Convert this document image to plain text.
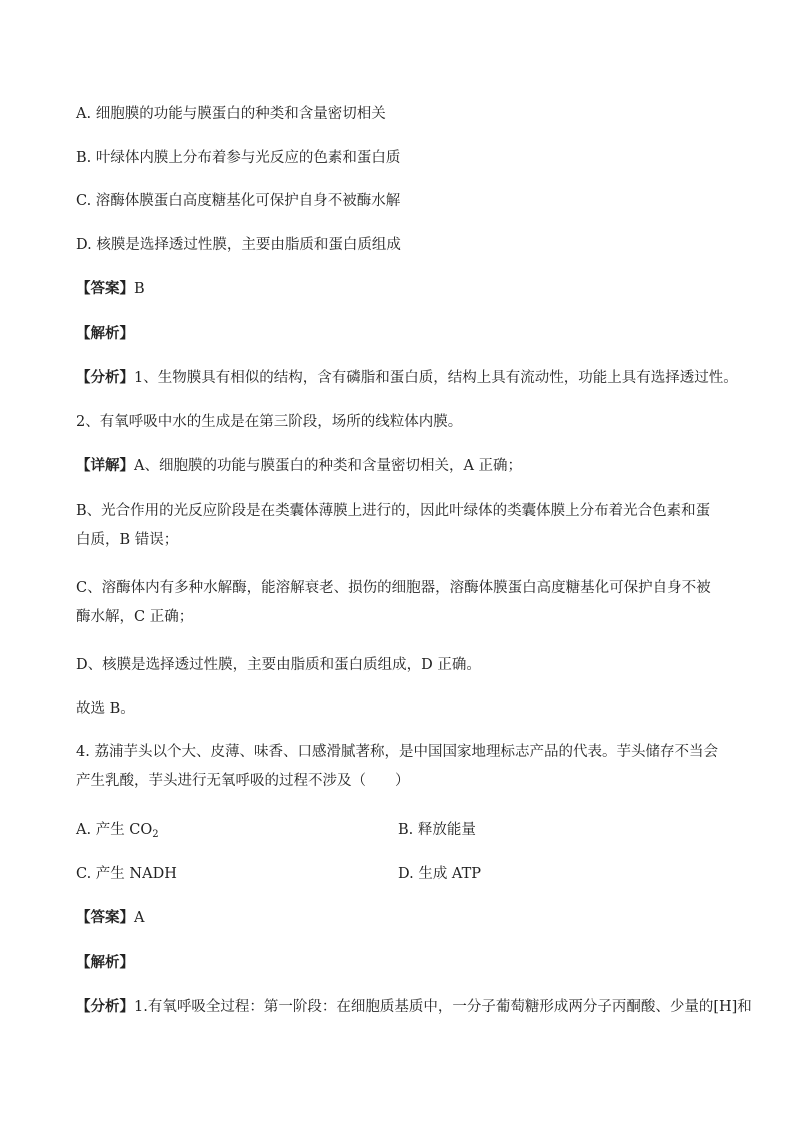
A. 细胞膜的功能与膜蛋白的种类和含量密切相关
B. 叶绿体内膜上分布着参与光反应的色素和蛋白质
C. 溶酶体膜蛋白高度糖基化可保护自身不被酶水解
D. 核膜是选择透过性膜，主要由脂质和蛋白质组成
【答案】B
【解析】
【分析】1、生物膜具有相似的结构，含有磷脂和蛋白质，结构上具有流动性，功能上具有选择透过性。
2、有氧呼吸中水的生成是在第三阶段，场所的线粒体内膜。
【详解】A、细胞膜的功能与膜蛋白的种类和含量密切相关，A 正确；
B、光合作用的光反应阶段是在类囊体薄膜上进行的，因此叶绿体的类囊体膜上分布着光合色素和蛋白质，B 错误；
C、溶酶体内有多种水解酶，能溶解衰老、损伤的细胞器，溶酶体膜蛋白高度糖基化可保护自身不被酶水解，C 正确；
D、核膜是选择透过性膜，主要由脂质和蛋白质组成，D 正确。
故选 B。
4. 荔浦芋头以个大、皮薄、味香、口感滑腻著称，是中国国家地理标志产品的代表。芋头储存不当会产生乳酸，芋头进行无氧呼吸的过程不涉及（　　）
A. 产生 $CO_2$	B. 释放能量
C. 产生 NADH	D. 生成 ATP
【答案】A
【解析】
【分析】1.有氧呼吸全过程：第一阶段：在细胞质基质中，一分子葡萄糖形成两分子丙酮酸、少量的[H]和
